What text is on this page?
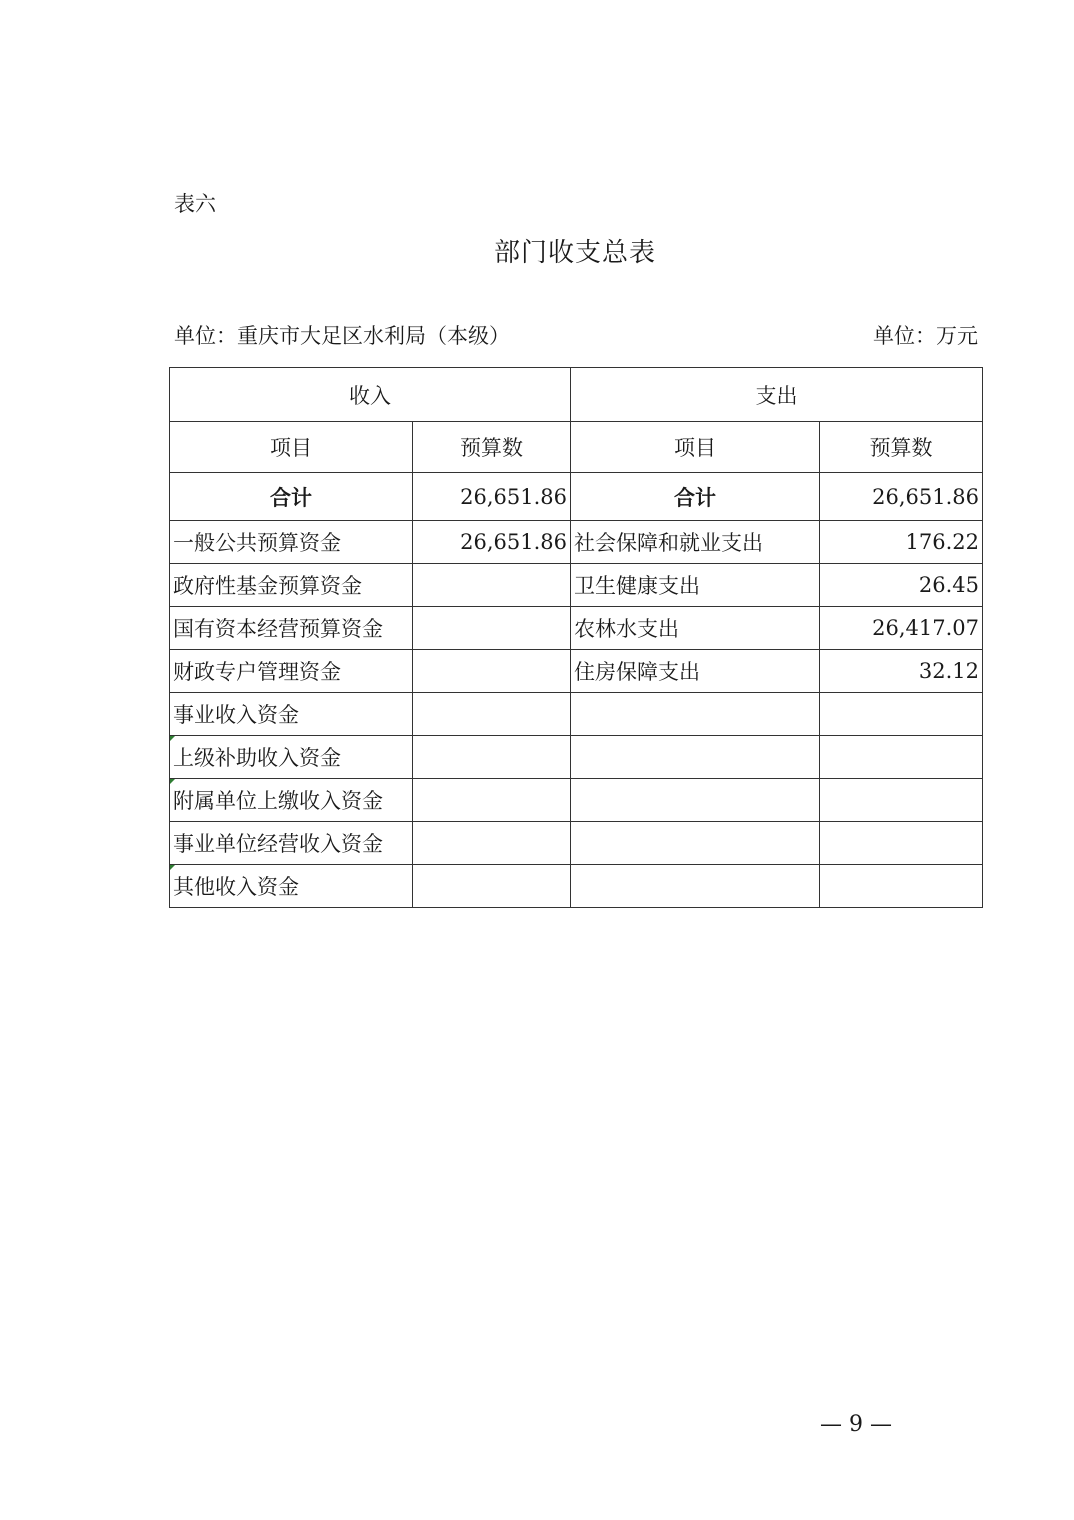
表六
部门收支总表
单位：重庆市大足区水利局（本级）	单位：万元
收入		支出	
项目	预算数	项目	预算数
合计	26,651.86	合计	26,651.86
一般公共预算资金	26,651.86	社会保障和就业支出	176.22
政府性基金预算资金		卫生健康支出	26.45
国有资本经营预算资金		农林水支出	26,417.07
财政专户管理资金		住房保障支出	32.12
事业收入资金			
上级补助收入资金			
附属单位上缴收入资金			
事业单位经营收入资金			
其他收入资金			
— 9 —
